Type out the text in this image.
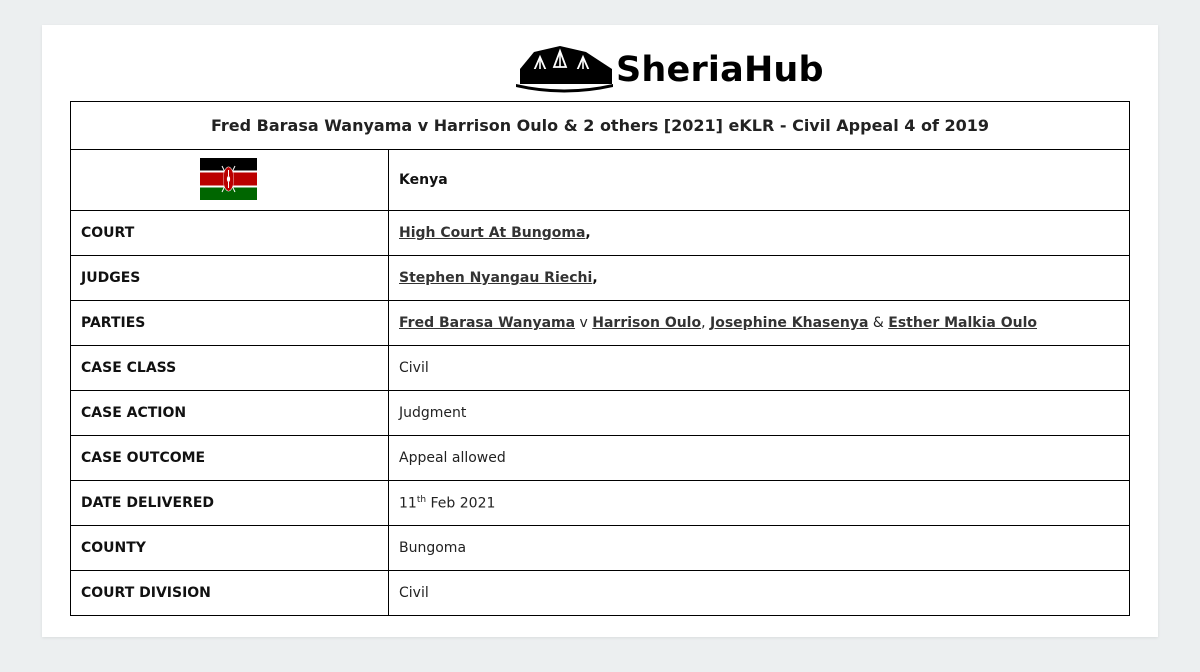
SheriaHub
Fred Barasa Wanyama v Harrison Oulo & 2 others [2021] eKLR - Civil Appeal 4 of 2019	
	Kenya
COURT	High Court At Bungoma,
JUDGES	Stephen Nyangau Riechi,
PARTIES	Fred Barasa Wanyama v Harrison Oulo, Josephine Khasenya & Esther Malkia Oulo
CASE CLASS	Civil
CASE ACTION	Judgment
CASE OUTCOME	Appeal allowed
DATE DELIVERED	11th Feb 2021
COUNTY	Bungoma
COURT DIVISION	Civil
